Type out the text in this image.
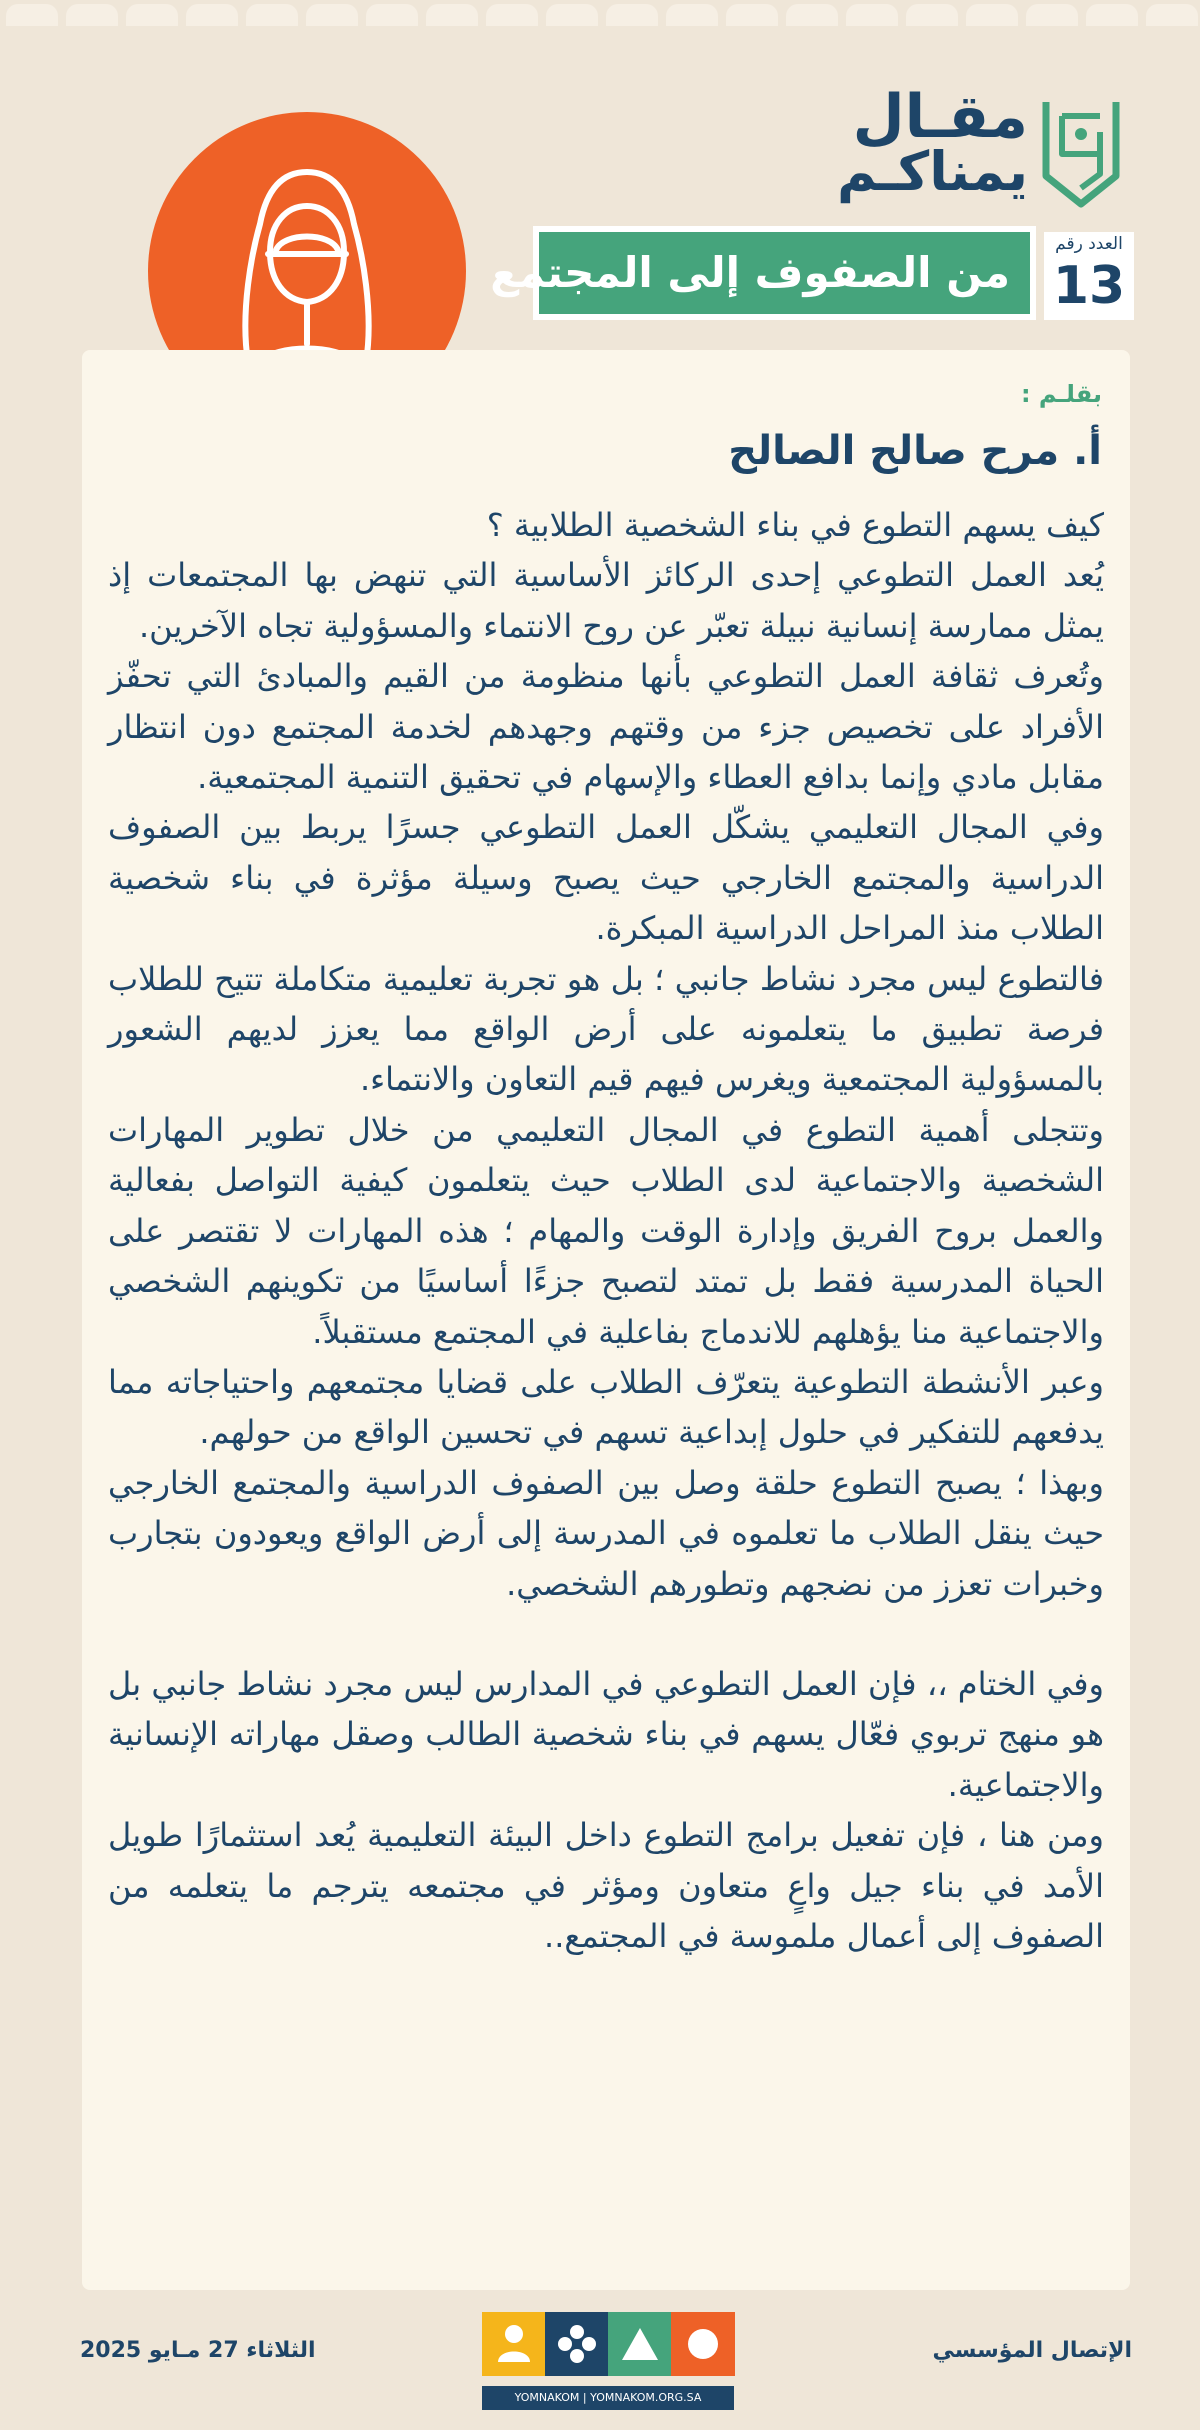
مقـال
يمناكـم
العدد رقم
13
من الصفوف إلى المجتمع
بقلـم :
أ. مرح صالح الصالح

كيف يسهم التطوع في بناء الشخصية الطلابية ؟

يُعد العمل التطوعي إحدى الركائز الأساسية التي تنهض بها المجتمعات إذ يمثل ممارسة إنسانية نبيلة تعبّر عن روح الانتماء والمسؤولية تجاه الآخرين.

وتُعرف ثقافة العمل التطوعي بأنها منظومة من القيم والمبادئ التي تحفّز الأفراد على تخصيص جزء من وقتهم وجهدهم لخدمة المجتمع دون انتظار مقابل مادي وإنما بدافع العطاء والإسهام في تحقيق التنمية المجتمعية.

وفي المجال التعليمي يشكّل العمل التطوعي جسرًا يربط بين الصفوف الدراسية والمجتمع الخارجي حيث يصبح وسيلة مؤثرة في بناء شخصية الطلاب منذ المراحل الدراسية المبكرة.

فالتطوع ليس مجرد نشاط جانبي ؛ بل هو تجربة تعليمية متكاملة تتيح للطلاب فرصة تطبيق ما يتعلمونه على أرض الواقع مما يعزز لديهم الشعور بالمسؤولية المجتمعية ويغرس فيهم قيم التعاون والانتماء.

وتتجلى أهمية التطوع في المجال التعليمي من خلال تطوير المهارات الشخصية والاجتماعية لدى الطلاب حيث يتعلمون كيفية التواصل بفعالية والعمل بروح الفريق وإدارة الوقت والمهام ؛ هذه المهارات لا تقتصر على الحياة المدرسية فقط بل تمتد لتصبح جزءًا أساسيًا من تكوينهم الشخصي والاجتماعية منا يؤهلهم للاندماج بفاعلية في المجتمع مستقبلاً.

وعبر الأنشطة التطوعية يتعرّف الطلاب على قضايا مجتمعهم واحتياجاته مما يدفعهم للتفكير في حلول إبداعية تسهم في تحسين الواقع من حولهم.

وبهذا ؛ يصبح التطوع حلقة وصل بين الصفوف الدراسية والمجتمع الخارجي حيث ينقل الطلاب ما تعلموه في المدرسة إلى أرض الواقع ويعودون بتجارب وخبرات تعزز من نضجهم وتطورهم الشخصي.

وفي الختام ،، فإن العمل التطوعي في المدارس ليس مجرد نشاط جانبي بل هو منهج تربوي فعّال يسهم في بناء شخصية الطالب وصقل مهاراته الإنسانية والاجتماعية.

ومن هنا ، فإن تفعيل برامج التطوع داخل البيئة التعليمية يُعد استثمارًا طويل الأمد في بناء جيل واعٍ متعاون ومؤثر في مجتمعه يترجم ما يتعلمه من الصفوف إلى أعمال ملموسة في المجتمع..

الثلاثاء 27 مـايو 2025
YOMNAKOM | YOMNAKOM.ORG.SA
الإتصال المؤسسي
